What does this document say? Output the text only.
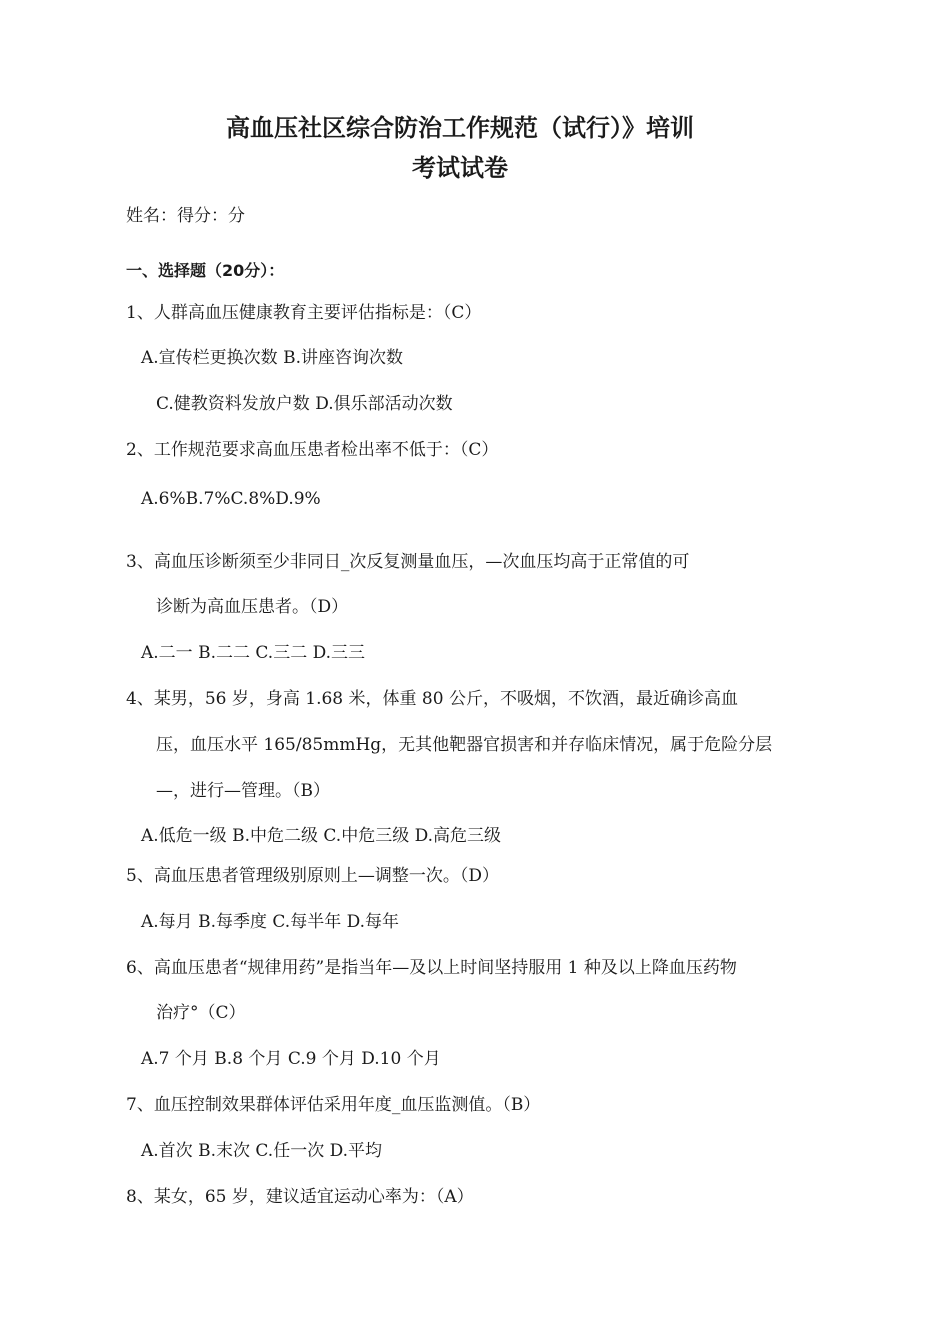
高血压社区综合防治工作规范（试行）》培训
考试试卷
姓名：得分：分
一、选择题（20分）：
1、人群高血压健康教育主要评估指标是：（C）
A.宣传栏更换次数 B.讲座咨询次数
C.健教资料发放户数 D.俱乐部活动次数
2、工作规范要求高血压患者检出率不低于：（C）
A.6%B.7%C.8%D.9%
3、高血压诊断须至少非同日_次反复测量血压，—次血压均高于正常值的可
诊断为高血压患者。（D）
A.二一 B.二二 C.三二 D.三三
4、某男，56 岁，身高 1.68 米，体重 80 公斤，不吸烟，不饮酒，最近确诊高血
压，血压水平 165/85mmHg，无其他靶器官损害和并存临床情况，属于危险分层
—，进行—管理。（B）
A.低危一级 B.中危二级 C.中危三级 D.高危三级
5、高血压患者管理级别原则上—调整一次。（D）
A.每月 B.每季度 C.每半年 D.每年
6、高血压患者“规律用药”是指当年—及以上时间坚持服用 1 种及以上降血压药物
治疗°（C）
A.7 个月 B.8 个月 C.9 个月 D.10 个月
7、血压控制效果群体评估采用年度_血压监测值。（B）
A.首次 B.末次 C.任一次 D.平均
8、某女，65 岁，建议适宜运动心率为：（A）
